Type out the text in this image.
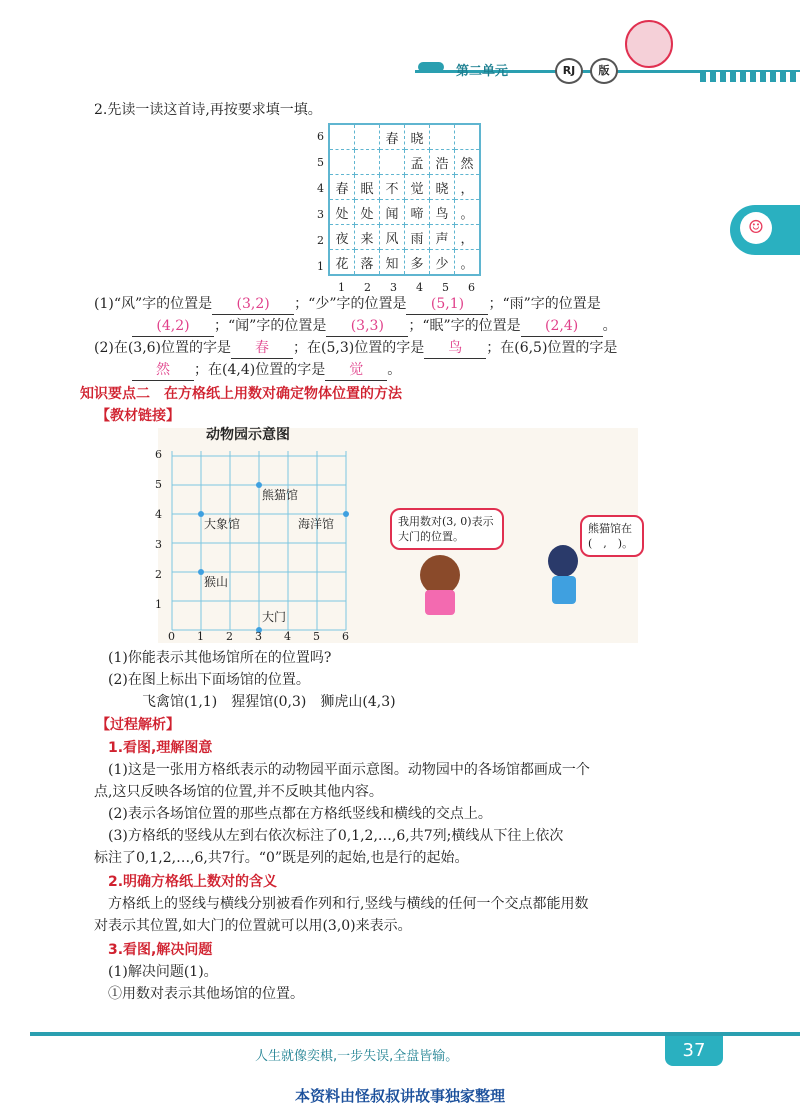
第二单元	RJ	版
☺
2.先读一读这首诗,再按要求填一填。
6
5
4
3
2
1
		春	晓		
			孟	浩	然
春	眠	不	觉	晓	，
处	处	闻	啼	鸟	。
夜	来	风	雨	声	，
花	落	知	多	少	。
1 2 3 4 5 6
(1)“风”字的位置是 (3,2) ；“少”字的位置是 (5,1) ；“雨”字的位置是
(4,2) ；“闻”字的位置是 (3,3) ；“眠”字的位置是 (2,4) 。
(2)在(3,6)位置的字是 春 ；在(5,3)位置的字是 鸟 ；在(6,5)位置的字是
然 ；在(4,4)位置的字是 觉 。
知识要点二　在方格纸上用数对确定物体位置的方法
【教材链接】
动物园示意图
6
5
4
3
2
1
0 1 2 3 4 5 6
熊猫馆
大象馆	海洋馆
猴山
大门
我用数对(3, 0)表示大门的位置。
熊猫馆在(　,　)。
(1)你能表示其他场馆所在的位置吗?
(2)在图上标出下面场馆的位置。
飞禽馆(1,1)　猩猩馆(0,3)　狮虎山(4,3)
【过程解析】
1.看图,理解图意
(1)这是一张用方格纸表示的动物园平面示意图。动物园中的各场馆都画成一个
点,这只反映各场馆的位置,并不反映其他内容。
(2)表示各场馆位置的那些点都在方格纸竖线和横线的交点上。
(3)方格纸的竖线从左到右依次标注了0,1,2,…,6,共7列;横线从下往上依次
标注了0,1,2,…,6,共7行。“0”既是列的起始,也是行的起始。
2.明确方格纸上数对的含义
方格纸上的竖线与横线分别被看作列和行,竖线与横线的任何一个交点都能用数
对表示其位置,如大门的位置就可以用(3,0)来表示。
3.看图,解决问题
(1)解决问题(1)。
①用数对表示其他场馆的位置。
人生就像奕棋,一步失误,全盘皆输。	37
本资料由怪叔叔讲故事独家整理
